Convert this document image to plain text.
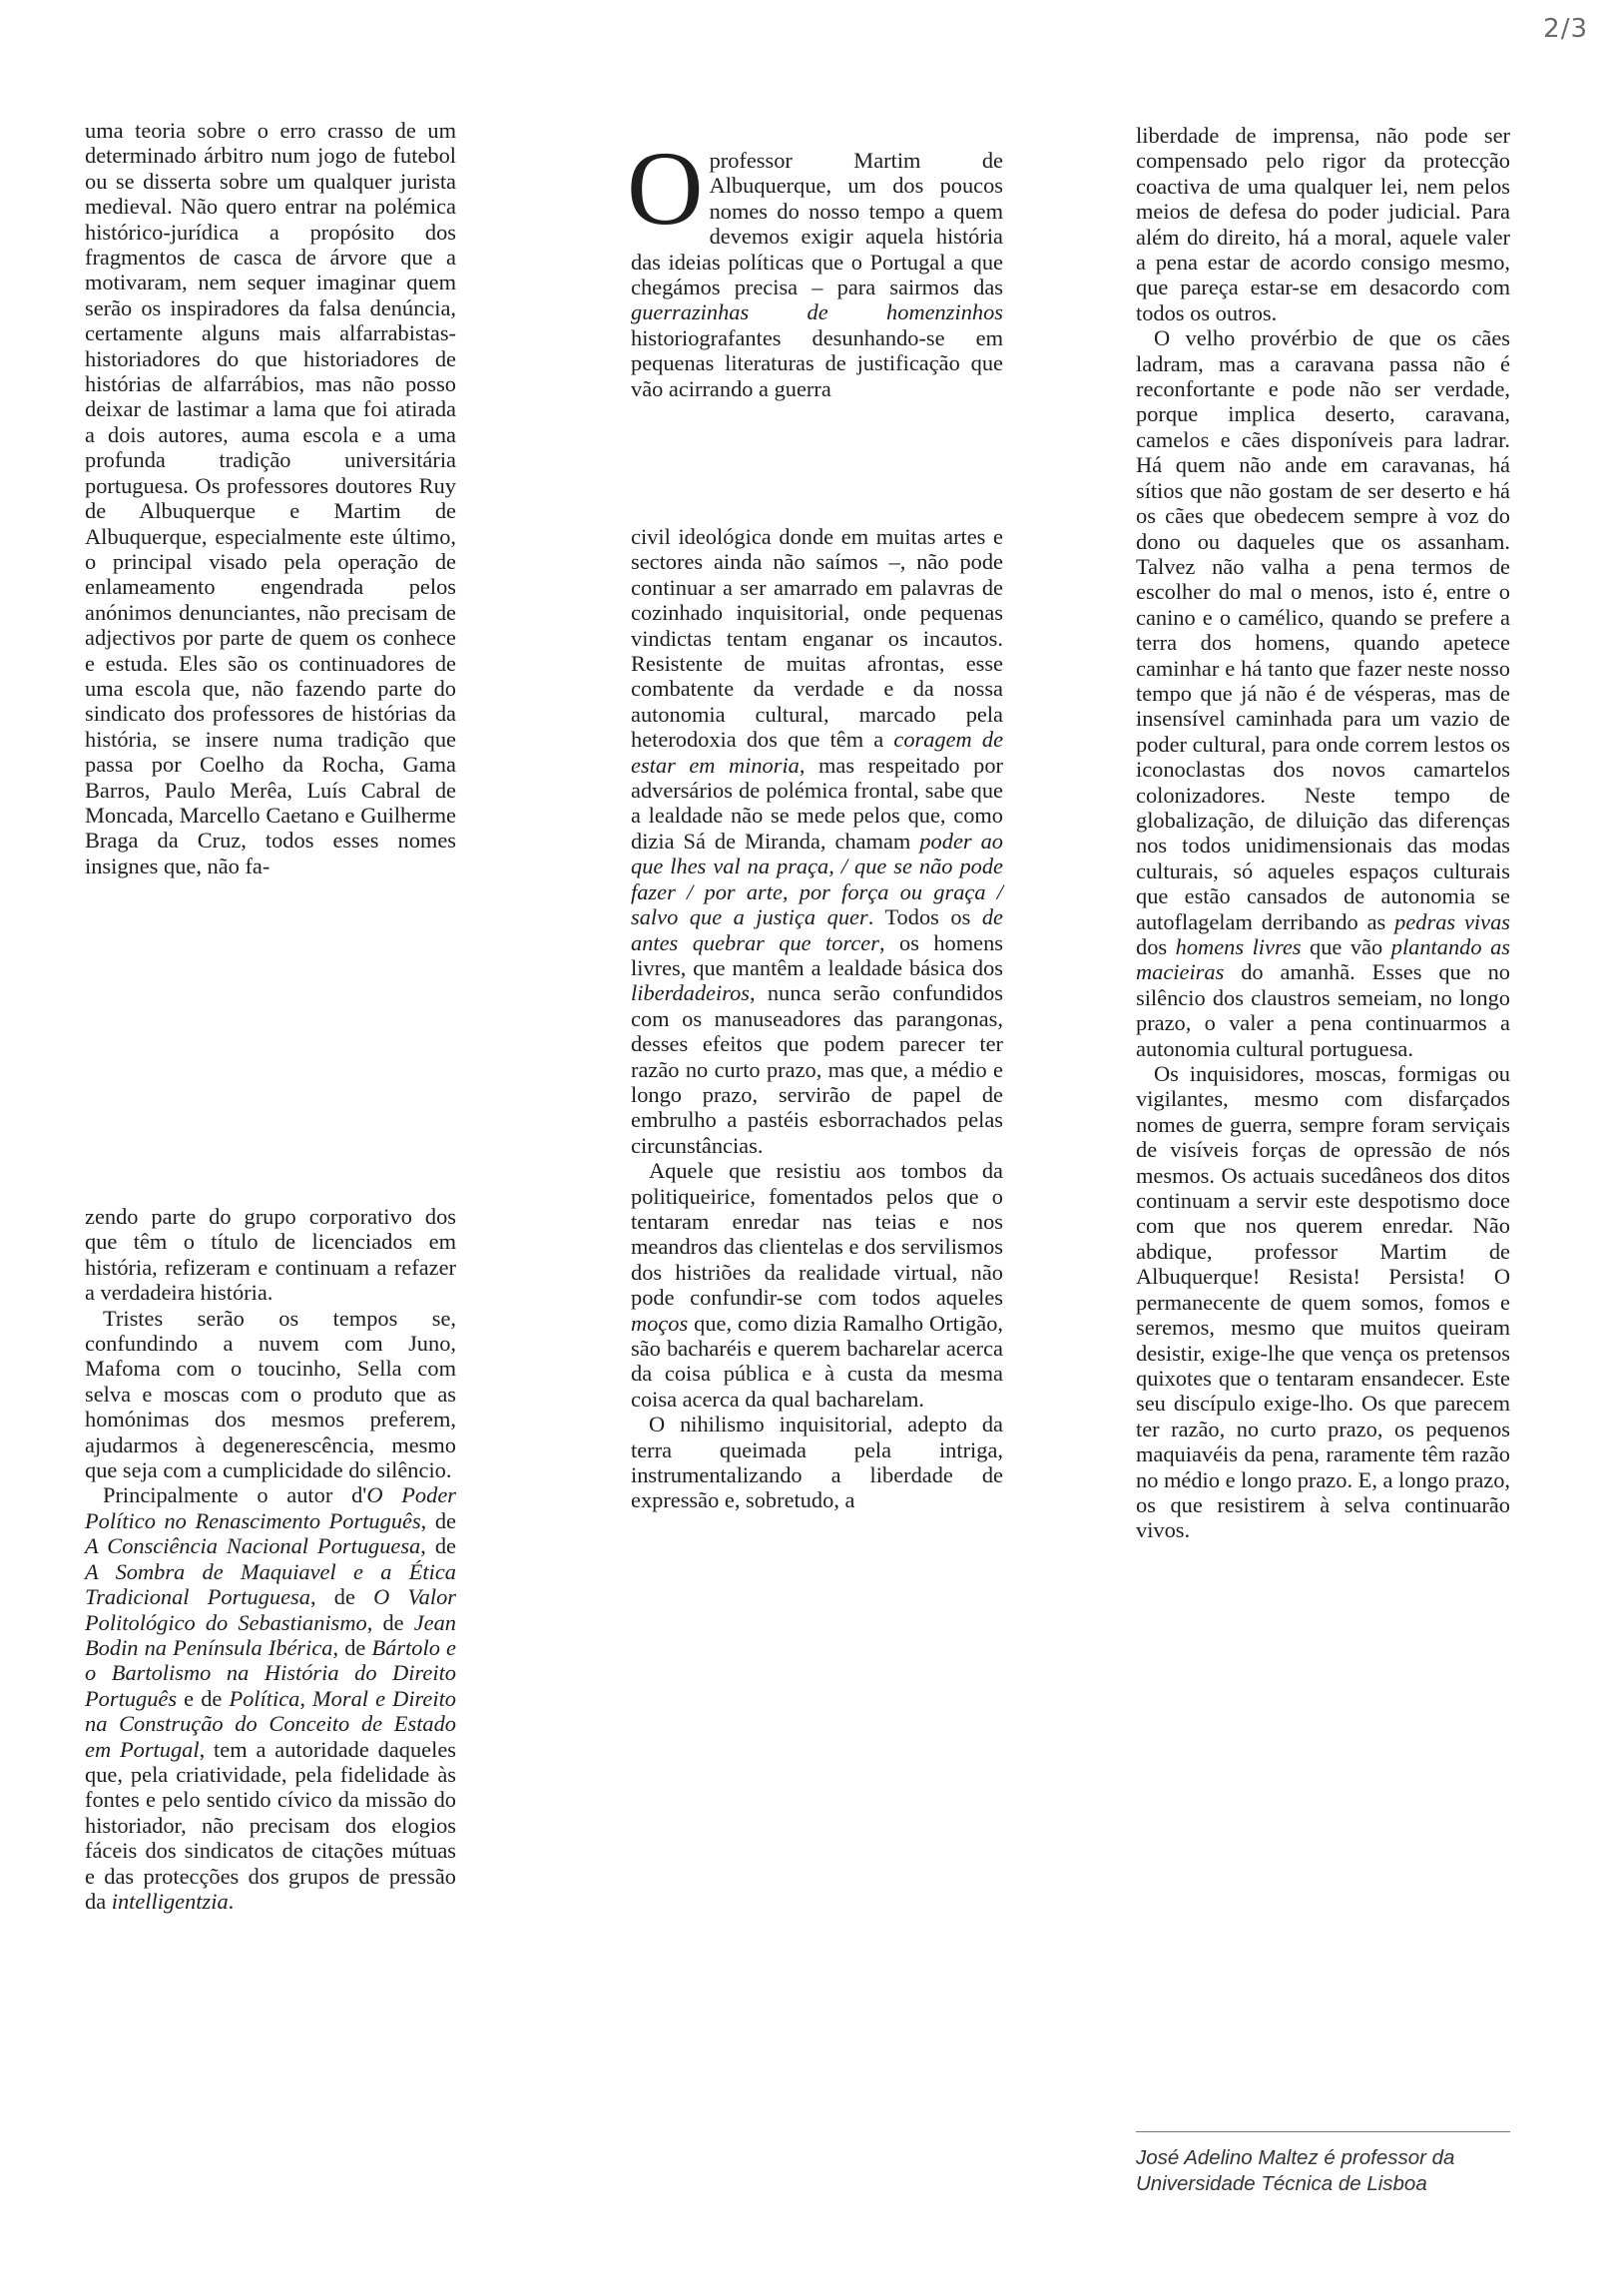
2/3

uma teoria sobre o erro crasso de um determinado árbitro num jogo de futebol ou se disserta sobre um qualquer jurista medieval. Não quero entrar na polémica histórico-jurídica a propósito dos fragmentos de casca de árvore que a motivaram, nem sequer imaginar quem serão os inspiradores da falsa denúncia, certamente alguns mais alfarrabistas-historiadores do que historiadores de histórias de alfarrábios, mas não posso deixar de lastimar a lama que foi atirada a dois autores, auma escola e a uma profunda tradição universitária portuguesa. Os professores doutores Ruy de Albuquerque e Martim de Albuquerque, especialmente este último, o principal visado pela operação de enlameamento engendrada pelos anónimos denunciantes, não precisam de adjectivos por parte de quem os conhece e estuda. Eles são os continuadores de uma escola que, não fazendo parte do sindicato dos professores de histórias da história, se insere numa tradição que passa por Coelho da Rocha, Gama Barros, Paulo Merêa, Luís Cabral de Moncada, Marcello Caetano e Guilherme Braga da Cruz, todos esses nomes insignes que, não fa-

zendo parte do grupo corporativo dos que têm o título de licenciados em história, refizeram e continuam a refazer a verdadeira história.

Tristes serão os tempos se, confundindo a nuvem com Juno, Mafoma com o toucinho, Sella com selva e moscas com o produto que as homónimas dos mesmos preferem, ajudarmos à degenerescência, mesmo que seja com a cumplicidade do silêncio.

Principalmente o autor d'O Poder Político no Renascimento Português, de A Consciência Nacional Portuguesa, de A Sombra de Maquiavel e a Ética Tradicional Portuguesa, de O Valor Politológico do Sebastianismo, de Jean Bodin na Península Ibérica, de Bártolo e o Bartolismo na História do Direito Português e de Política, Moral e Direito na Construção do Conceito de Estado em Portugal, tem a autoridade daqueles que, pela criatividade, pela fidelidade às fontes e pelo sentido cívico da missão do historiador, não precisam dos elogios fáceis dos sindicatos de citações mútuas e das protecções dos grupos de pressão da intelligentzia.

Oprofessor Martim de Albuquerque, um dos poucos nomes do nosso tempo a quem devemos exigir aquela história das ideias políticas que o Portugal a que chegámos precisa – para sairmos das guerrazinhas de homenzinhos historiografantes desunhando-se em pequenas literaturas de justificação que vão acirrando a guerra

civil ideológica donde em muitas artes e sectores ainda não saímos –, não pode continuar a ser amarrado em palavras de cozinhado inquisitorial, onde pequenas vindictas tentam enganar os incautos. Resistente de muitas afrontas, esse combatente da verdade e da nossa autonomia cultural, marcado pela heterodoxia dos que têm a coragem de estar em minoria, mas respeitado por adversários de polémica frontal, sabe que a lealdade não se mede pelos que, como dizia Sá de Miranda, chamam poder ao que lhes val na praça, / que se não pode fazer / por arte, por força ou graça / salvo que a justiça quer. Todos os de antes quebrar que torcer, os homens livres, que mantêm a lealdade básica dos liberdadeiros, nunca serão confundidos com os manuseadores das parangonas, desses efeitos que podem parecer ter razão no curto prazo, mas que, a médio e longo prazo, servirão de papel de embrulho a pastéis esborrachados pelas circunstâncias.

Aquele que resistiu aos tombos da politiqueirice, fomentados pelos que o tentaram enredar nas teias e nos meandros das clientelas e dos servilismos dos histriões da realidade virtual, não pode confundir-se com todos aqueles moços que, como dizia Ramalho Ortigão, são bacharéis e querem bacharelar acerca da coisa pública e à custa da mesma coisa acerca da qual bacharelam.

O nihilismo inquisitorial, adepto da terra queimada pela intriga, instrumentalizando a liberdade de expressão e, sobretudo, a

liberdade de imprensa, não pode ser compensado pelo rigor da protecção coactiva de uma qualquer lei, nem pelos meios de defesa do poder judicial. Para além do direito, há a moral, aquele valer a pena estar de acordo consigo mesmo, que pareça estar-se em desacordo com todos os outros.

O velho provérbio de que os cães ladram, mas a caravana passa não é reconfortante e pode não ser verdade, porque implica deserto, caravana, camelos e cães disponíveis para ladrar. Há quem não ande em caravanas, há sítios que não gostam de ser deserto e há os cães que obedecem sempre à voz do dono ou daqueles que os assanham. Talvez não valha a pena termos de escolher do mal o menos, isto é, entre o canino e o camélico, quando se prefere a terra dos homens, quando apetece caminhar e há tanto que fazer neste nosso tempo que já não é de vésperas, mas de insensível caminhada para um vazio de poder cultural, para onde correm lestos os iconoclastas dos novos camartelos colonizadores. Neste tempo de globalização, de diluição das diferenças nos todos unidimensionais das modas culturais, só aqueles espaços culturais que estão cansados de autonomia se autoflagelam derribando as pedras vivas dos homens livres que vão plantando as macieiras do amanhã. Esses que no silêncio dos claustros semeiam, no longo prazo, o valer a pena continuarmos a autonomia cultural portuguesa.

Os inquisidores, moscas, formigas ou vigilantes, mesmo com disfarçados nomes de guerra, sempre foram serviçais de visíveis forças de opressão de nós mesmos. Os actuais sucedâneos dos ditos continuam a servir este despotismo doce com que nos querem enredar. Não abdique, professor Martim de Albuquerque! Resista! Persista! O permanecente de quem somos, fomos e seremos, mesmo que muitos queiram desistir, exige-lhe que vença os pretensos quixotes que o tentaram ensandecer. Este seu discípulo exige-lho. Os que parecem ter razão, no curto prazo, os pequenos maquiavéis da pena, raramente têm razão no médio e longo prazo. E, a longo prazo, os que resistirem à selva continuarão vivos.

José Adelino Maltez é professor da
Universidade Técnica de Lisboa
